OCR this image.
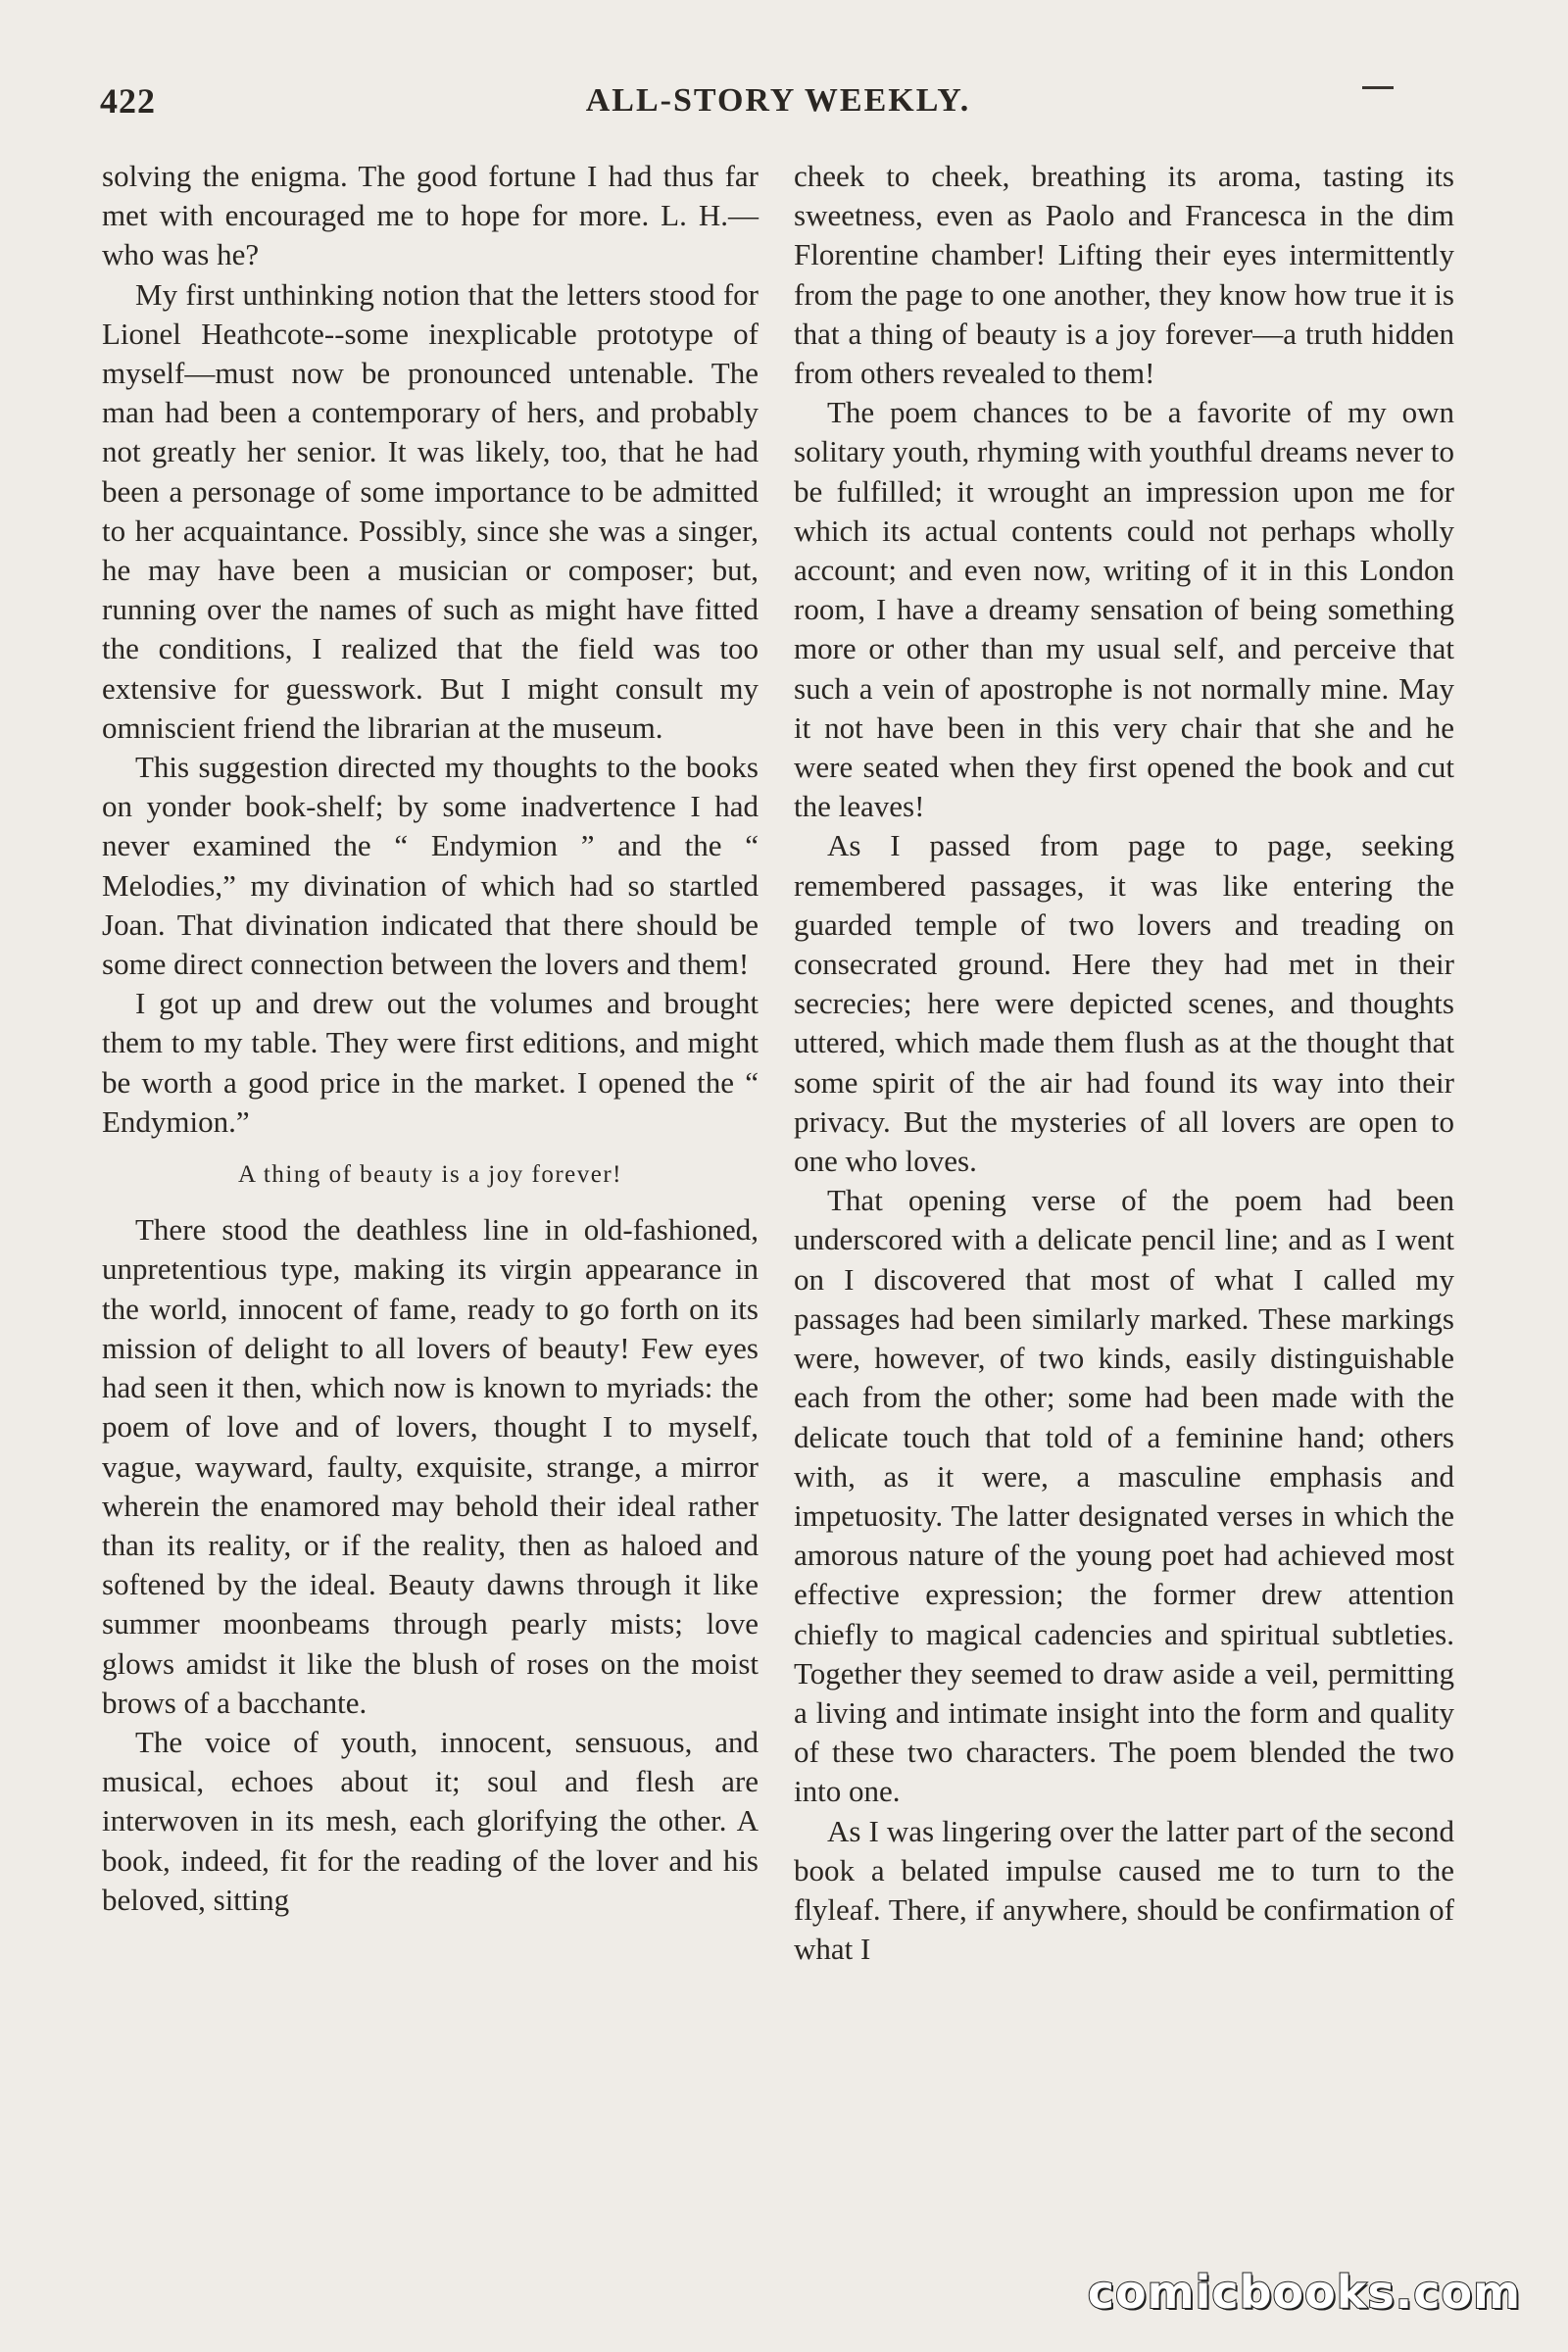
422	ALL-STORY WEEKLY.

solving the enigma. The good fortune I had thus far met with encouraged me to hope for more. L. H.—who was he?

My first unthinking notion that the letters stood for Lionel Heathcote--some inexplicable prototype of myself—must now be pronounced untenable. The man had been a contemporary of hers, and probably not greatly her senior. It was likely, too, that he had been a personage of some importance to be admitted to her acquaintance. Possibly, since she was a singer, he may have been a musician or composer; but, running over the names of such as might have fitted the conditions, I realized that the field was too extensive for guesswork. But I might consult my omniscient friend the librarian at the museum.

This suggestion directed my thoughts to the books on yonder book-shelf; by some inadvertence I had never examined the “ Endymion ” and the “ Melodies,” my divination of which had so startled Joan. That divination indicated that there should be some direct connection between the lovers and them!

I got up and drew out the volumes and brought them to my table. They were first editions, and might be worth a good price in the market. I opened the “ Endymion.”

A thing of beauty is a joy forever!

There stood the deathless line in old-fashioned, unpretentious type, making its virgin appearance in the world, innocent of fame, ready to go forth on its mission of delight to all lovers of beauty! Few eyes had seen it then, which now is known to myriads: the poem of love and of lovers, thought I to myself, vague, wayward, faulty, exquisite, strange, a mirror wherein the enamored may behold their ideal rather than its reality, or if the reality, then as haloed and softened by the ideal. Beauty dawns through it like summer moonbeams through pearly mists; love glows amidst it like the blush of roses on the moist brows of a bacchante.

The voice of youth, innocent, sensuous, and musical, echoes about it; soul and flesh are interwoven in its mesh, each glorifying the other. A book, indeed, fit for the reading of the lover and his beloved, sitting

cheek to cheek, breathing its aroma, tasting its sweetness, even as Paolo and Francesca in the dim Florentine chamber! Lifting their eyes intermittently from the page to one another, they know how true it is that a thing of beauty is a joy forever—a truth hidden from others revealed to them!

The poem chances to be a favorite of my own solitary youth, rhyming with youthful dreams never to be fulfilled; it wrought an impression upon me for which its actual contents could not perhaps wholly account; and even now, writing of it in this London room, I have a dreamy sensation of being something more or other than my usual self, and perceive that such a vein of apostrophe is not normally mine. May it not have been in this very chair that she and he were seated when they first opened the book and cut the leaves!

As I passed from page to page, seeking remembered passages, it was like entering the guarded temple of two lovers and treading on consecrated ground. Here they had met in their secrecies; here were depicted scenes, and thoughts uttered, which made them flush as at the thought that some spirit of the air had found its way into their privacy. But the mysteries of all lovers are open to one who loves.

That opening verse of the poem had been underscored with a delicate pencil line; and as I went on I discovered that most of what I called my passages had been similarly marked. These markings were, however, of two kinds, easily distinguishable each from the other; some had been made with the delicate touch that told of a feminine hand; others with, as it were, a masculine emphasis and impetuosity. The latter designated verses in which the amorous nature of the young poet had achieved most effective expression; the former drew attention chiefly to magical cadencies and spiritual subtleties. Together they seemed to draw aside a veil, permitting a living and intimate insight into the form and quality of these two characters. The poem blended the two into one.

As I was lingering over the latter part of the second book a belated impulse caused me to turn to the flyleaf. There, if anywhere, should be confirmation of what I

comicbooks.com
